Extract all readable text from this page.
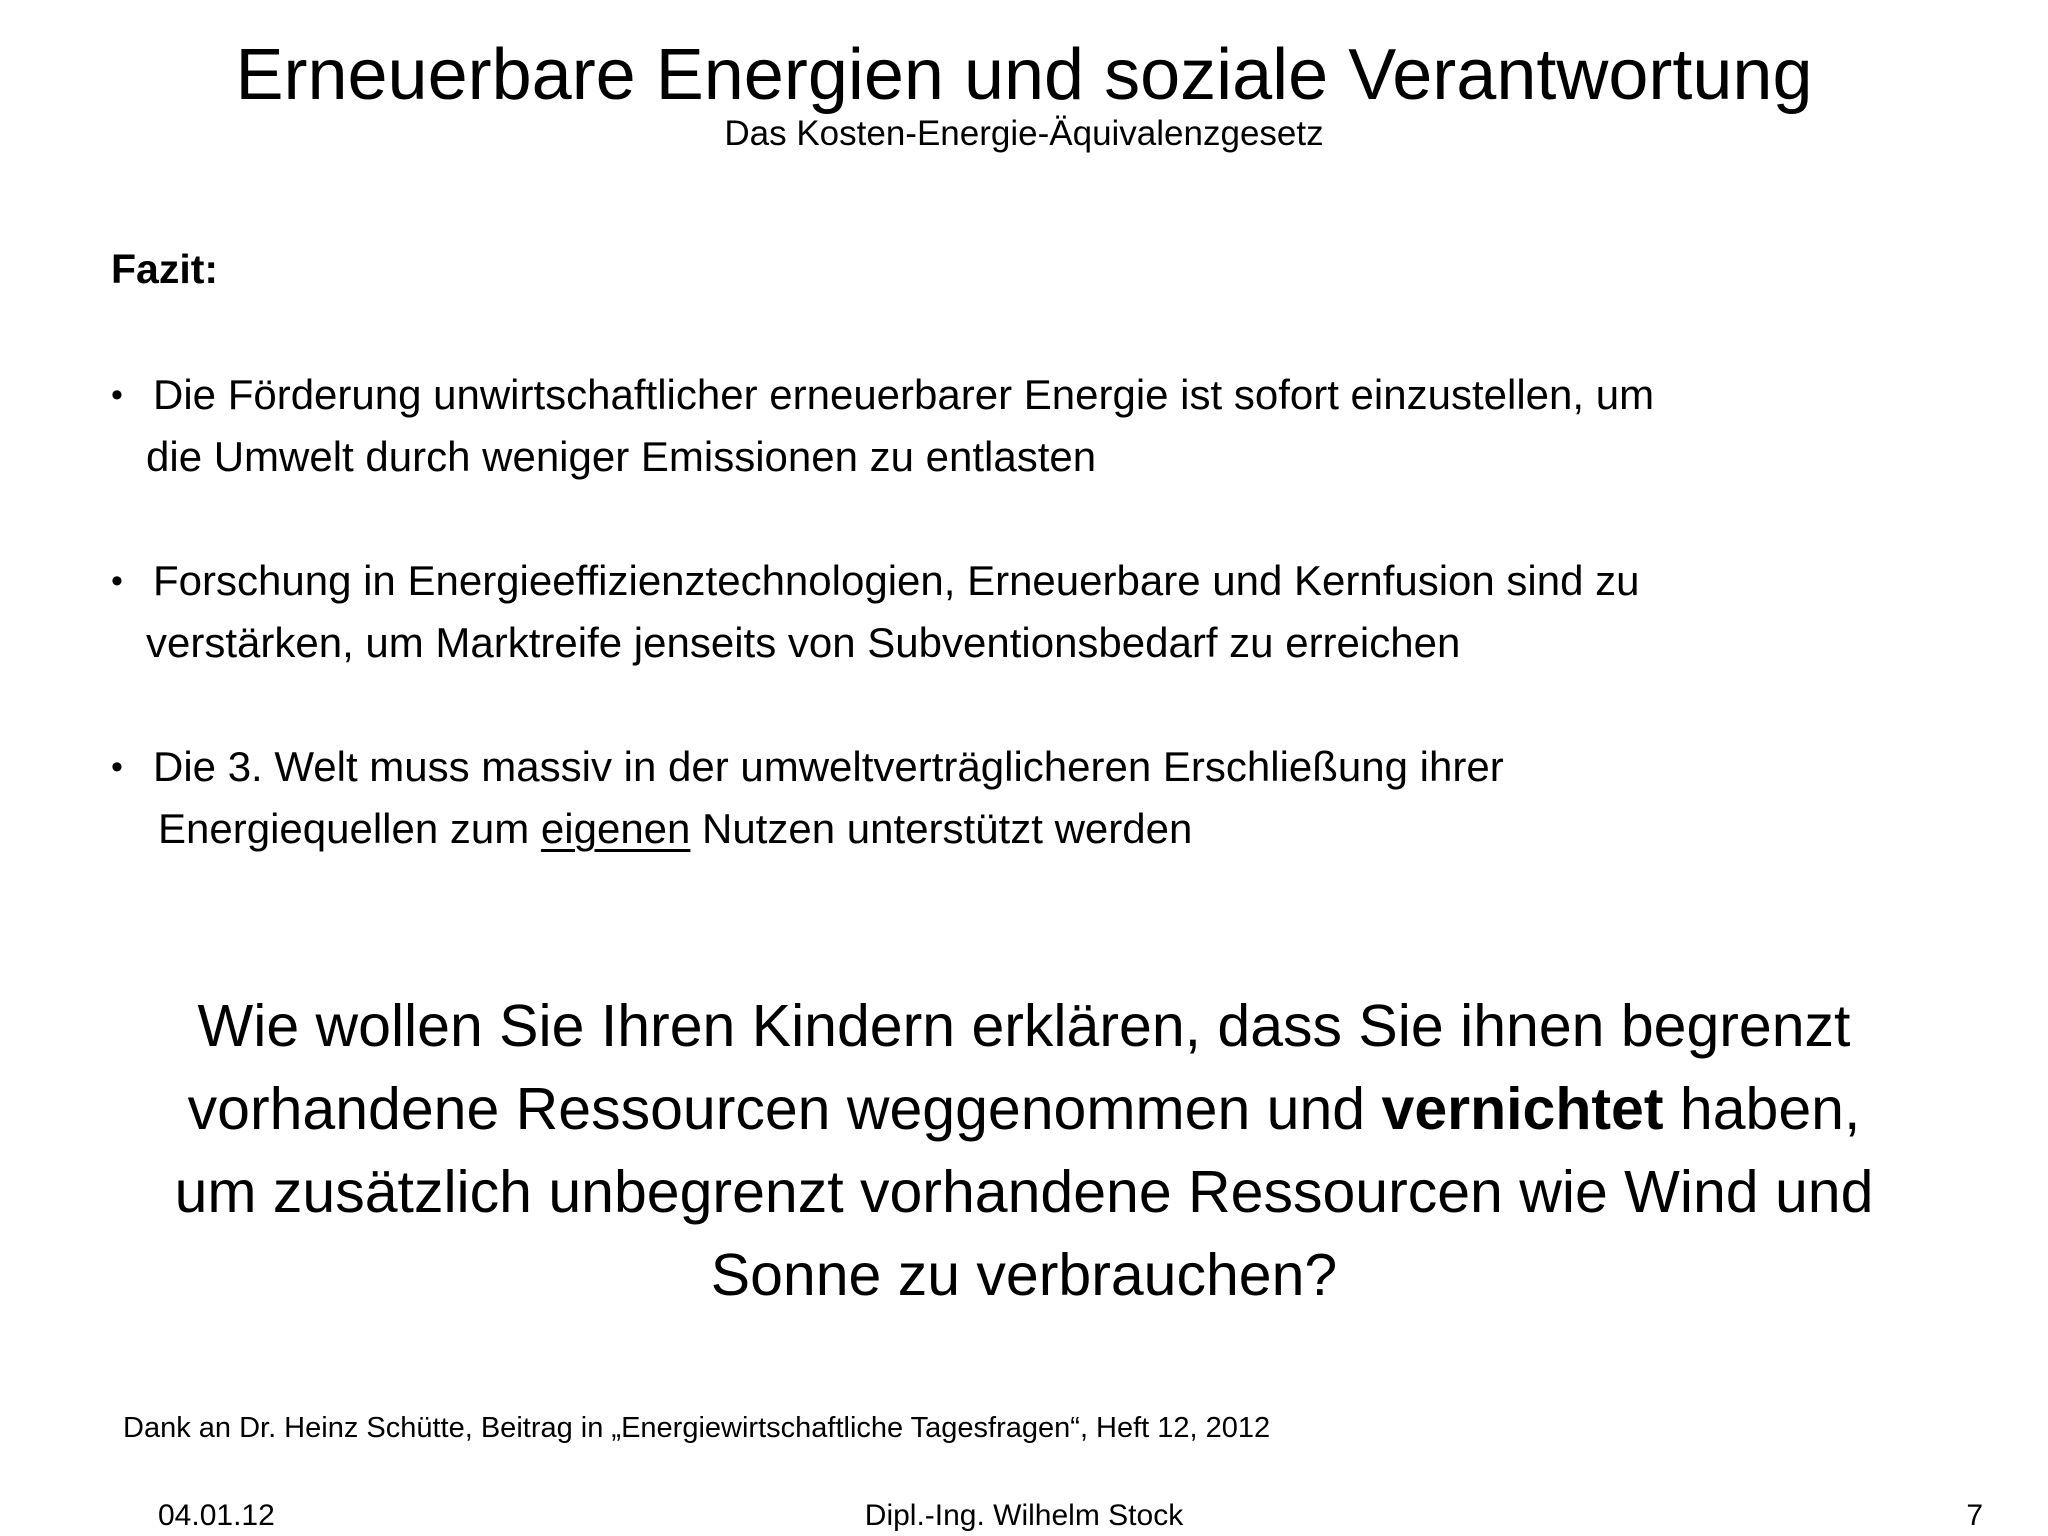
Erneuerbare Energien und soziale Verantwortung
Das Kosten-Energie-Äquivalenzgesetz
Fazit:
• Die Förderung unwirtschaftlicher erneuerbarer Energie ist sofort einzustellen, um
die Umwelt durch weniger Emissionen zu entlasten
• Forschung in Energieeffizienztechnologien, Erneuerbare und Kernfusion sind zu
verstärken, um Marktreife jenseits von Subventionsbedarf zu erreichen
• Die 3. Welt muss massiv in der umweltverträglicheren Erschließung ihrer
Energiequellen zum eigenen Nutzen unterstützt werden
Wie wollen Sie Ihren Kindern erklären, dass Sie ihnen begrenzt
vorhandene Ressourcen weggenommen und vernichtet haben,
um zusätzlich unbegrenzt vorhandene Ressourcen wie Wind und
Sonne zu verbrauchen?
Dank an Dr. Heinz Schütte, Beitrag in „Energiewirtschaftliche Tagesfragen“, Heft 12, 2012
04.01.12	Dipl.-Ing. Wilhelm Stock	7
